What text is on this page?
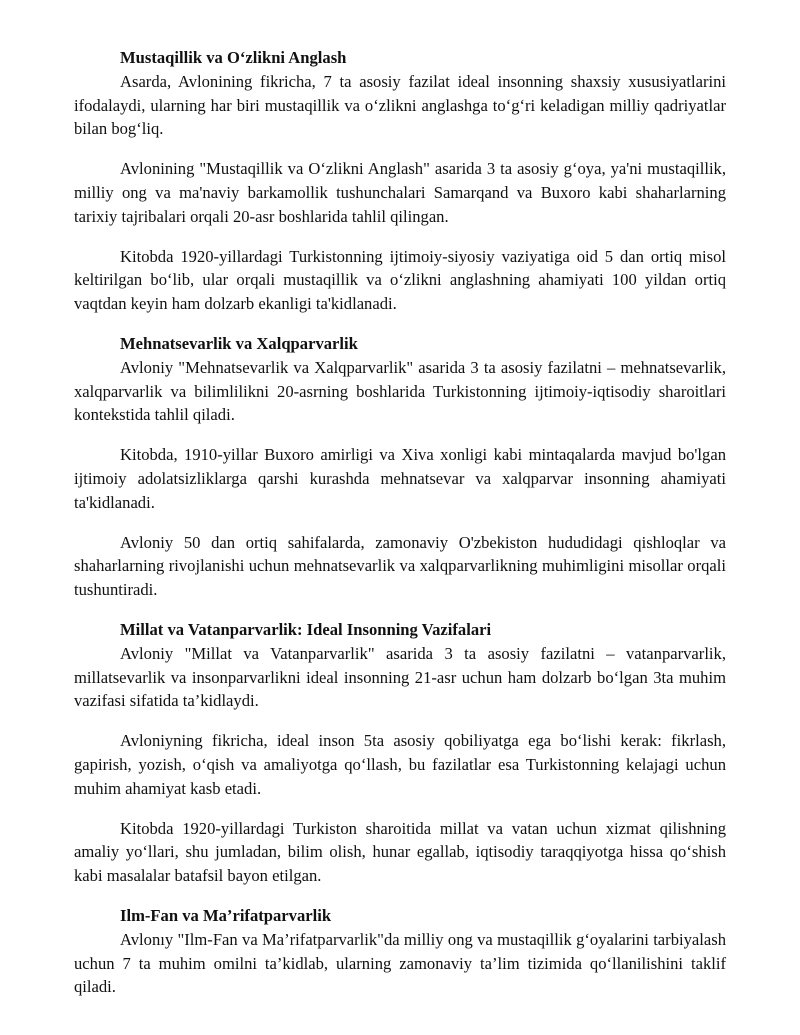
Mustaqillik va O‘zlikni Anglash

Asarda, Avlonining fikricha, 7 ta asosiy fazilat ideal insonning shaxsiy xususiyatlarini ifodalaydi, ularning har biri mustaqillik va o‘zlikni anglashga to‘g‘ri keladigan milliy qadriyatlar bilan bog‘liq.

Avlonining "Mustaqillik va O‘zlikni Anglash" asarida 3 ta asosiy g‘oya, ya'ni mustaqillik, milliy ong va ma'naviy barkamollik tushunchalari Samarqand va Buxoro kabi shaharlarning tarixiy tajribalari orqali 20-asr boshlarida tahlil qilingan.

Kitobda 1920-yillardagi Turkistonning ijtimoiy-siyosiy vaziyatiga oid 5 dan ortiq misol keltirilgan bo‘lib, ular orqali mustaqillik va o‘zlikni anglashning ahamiyati 100 yildan ortiq vaqtdan keyin ham dolzarb ekanligi ta'kidlanadi.

Mehnatsevarlik va Xalqparvarlik

Avloniy "Mehnatsevarlik va Xalqparvarlik" asarida 3 ta asosiy fazilatni – mehnatsevarlik, xalqparvarlik va bilimlilikni 20-asrning boshlarida Turkistonning ijtimoiy-iqtisodiy sharoitlari kontekstida tahlil qiladi.

Kitobda, 1910-yillar Buxoro amirligi va Xiva xonligi kabi mintaqalarda mavjud bo'lgan ijtimoiy adolatsizliklarga qarshi kurashda mehnatsevar va xalqparvar insonning ahamiyati ta'kidlanadi.

Avloniy 50 dan ortiq sahifalarda, zamonaviy O'zbekiston hududidagi qishloqlar va shaharlarning rivojlanishi uchun mehnatsevarlik va xalqparvarlikning muhimligini misollar orqali tushuntiradi.

Millat va Vatanparvarlik: Ideal Insonning Vazifalari

Avloniy "Millat va Vatanparvarlik" asarida 3 ta asosiy fazilatni – vatanparvarlik, millatsevarlik va insonparvarlikni ideal insonning 21-asr uchun ham dolzarb bo‘lgan 3ta muhim vazifasi sifatida ta’kidlaydi.

Avloniyning fikricha, ideal inson 5ta asosiy qobiliyatga ega bo‘lishi kerak: fikrlash, gapirish, yozish, o‘qish va amaliyotga qo‘llash, bu fazilatlar esa Turkistonning kelajagi uchun muhim ahamiyat kasb etadi.

Kitobda 1920-yillardagi Turkiston sharoitida millat va vatan uchun xizmat qilishning amaliy yo‘llari, shu jumladan, bilim olish, hunar egallab, iqtisodiy taraqqiyotga hissa qo‘shish kabi masalalar batafsil bayon etilgan.

Ilm-Fan va Ma’rifatparvarlik

Avlonıy "Ilm-Fan va Ma’rifatparvarlik"da milliy ong va mustaqillik g‘oyalarini tarbiyalash uchun 7 ta muhim omilni ta’kidlab, ularning zamonaviy ta’lim tizimida qo‘llanilishini taklif qiladi.
